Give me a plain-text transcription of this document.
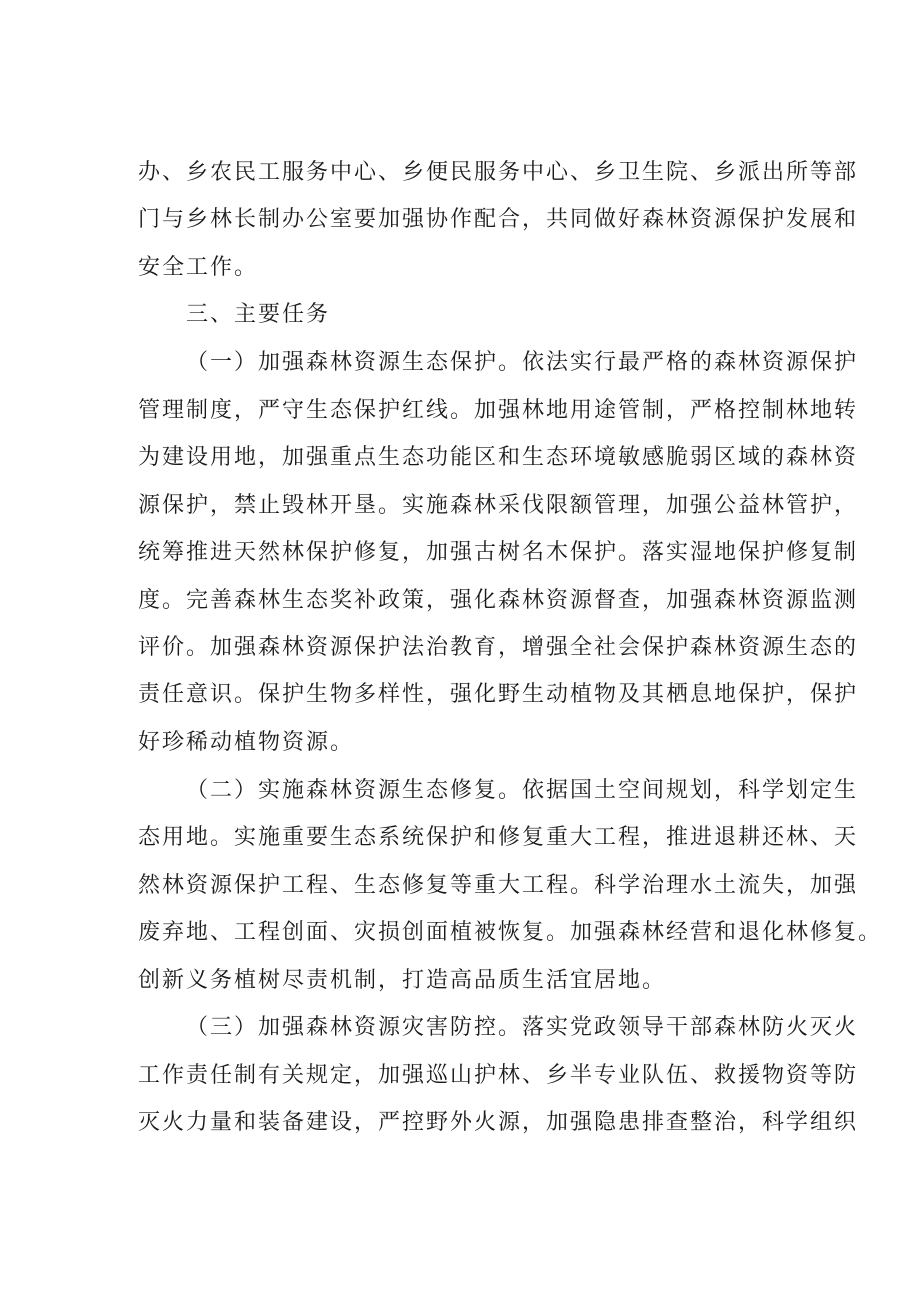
办、乡农民工服务中心、乡便民服务中心、乡卫生院、乡派出所等部
门与乡林长制办公室要加强协作配合，共同做好森林资源保护发展和
安全工作。
三、主要任务
（一）加强森林资源生态保护。依法实行最严格的森林资源保护
管理制度，严守生态保护红线。加强林地用途管制，严格控制林地转
为建设用地，加强重点生态功能区和生态环境敏感脆弱区域的森林资
源保护，禁止毁林开垦。实施森林采伐限额管理，加强公益林管护，
统筹推进天然林保护修复，加强古树名木保护。落实湿地保护修复制
度。完善森林生态奖补政策，强化森林资源督查，加强森林资源监测
评价。加强森林资源保护法治教育，增强全社会保护森林资源生态的
责任意识。保护生物多样性，强化野生动植物及其栖息地保护，保护
好珍稀动植物资源。
（二）实施森林资源生态修复。依据国土空间规划，科学划定生
态用地。实施重要生态系统保护和修复重大工程，推进退耕还林、天
然林资源保护工程、生态修复等重大工程。科学治理水土流失，加强
废弃地、工程创面、灾损创面植被恢复。加强森林经营和退化林修复。
创新义务植树尽责机制，打造高品质生活宜居地。
（三）加强森林资源灾害防控。落实党政领导干部森林防火灭火
工作责任制有关规定，加强巡山护林、乡半专业队伍、救援物资等防
灭火力量和装备建设，严控野外火源，加强隐患排查整治，科学组织
